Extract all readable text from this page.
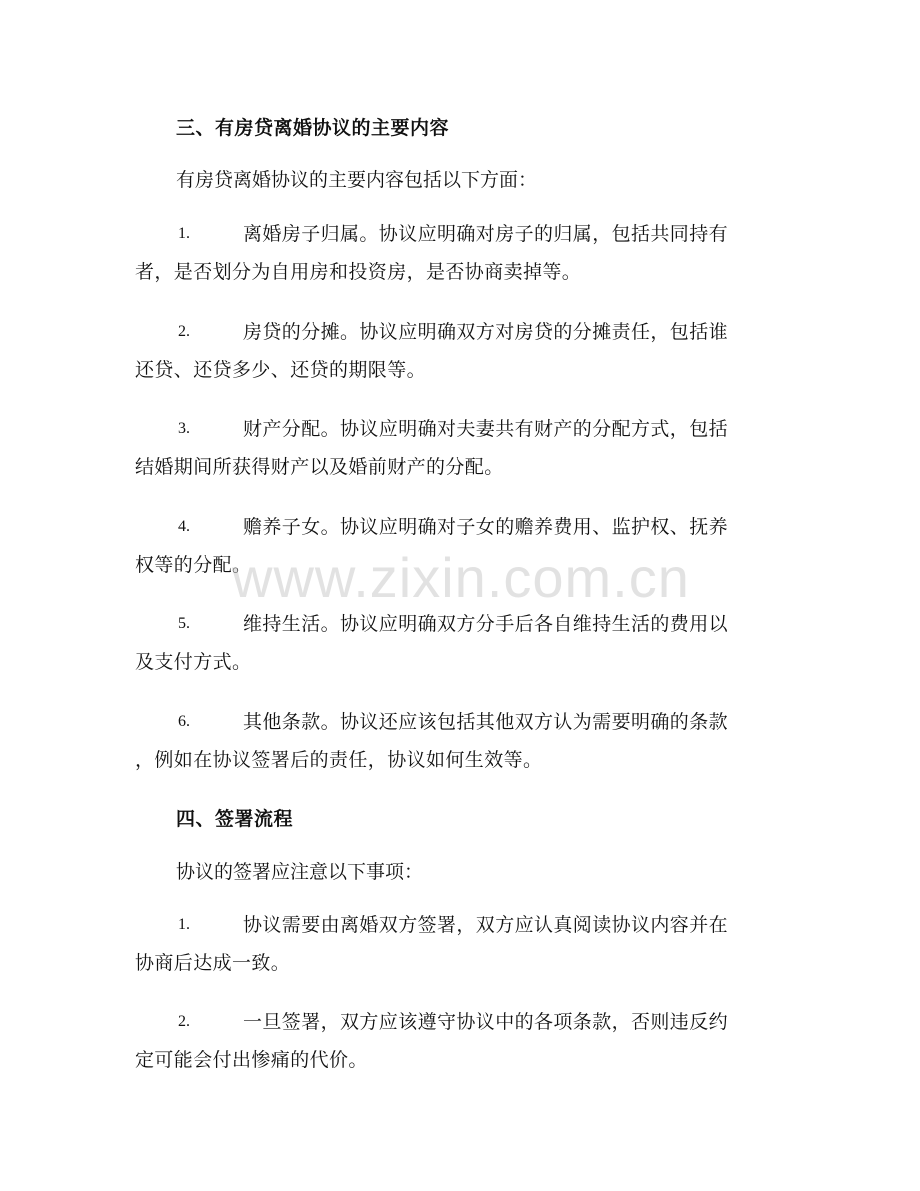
三、有房贷离婚协议的主要内容
有房贷离婚协议的主要内容包括以下方面：
1.	离婚房子归属。协议应明确对房子的归属，包括共同持有
者，是否划分为自用房和投资房，是否协商卖掉等。
2.	房贷的分摊。协议应明确双方对房贷的分摊责任，包括谁
还贷、还贷多少、还贷的期限等。
3.	财产分配。协议应明确对夫妻共有财产的分配方式，包括
结婚期间所获得财产以及婚前财产的分配。
4.	赡养子女。协议应明确对子女的赡养费用、监护权、抚养
权等的分配。
5.	维持生活。协议应明确双方分手后各自维持生活的费用以
及支付方式。
6.	其他条款。协议还应该包括其他双方认为需要明确的条款
，例如在协议签署后的责任，协议如何生效等。
四、签署流程
协议的签署应注意以下事项：
1.	协议需要由离婚双方签署，双方应认真阅读协议内容并在
协商后达成一致。
2.	一旦签署，双方应该遵守协议中的各项条款，否则违反约
定可能会付出惨痛的代价。
www.zixin.com.cn
